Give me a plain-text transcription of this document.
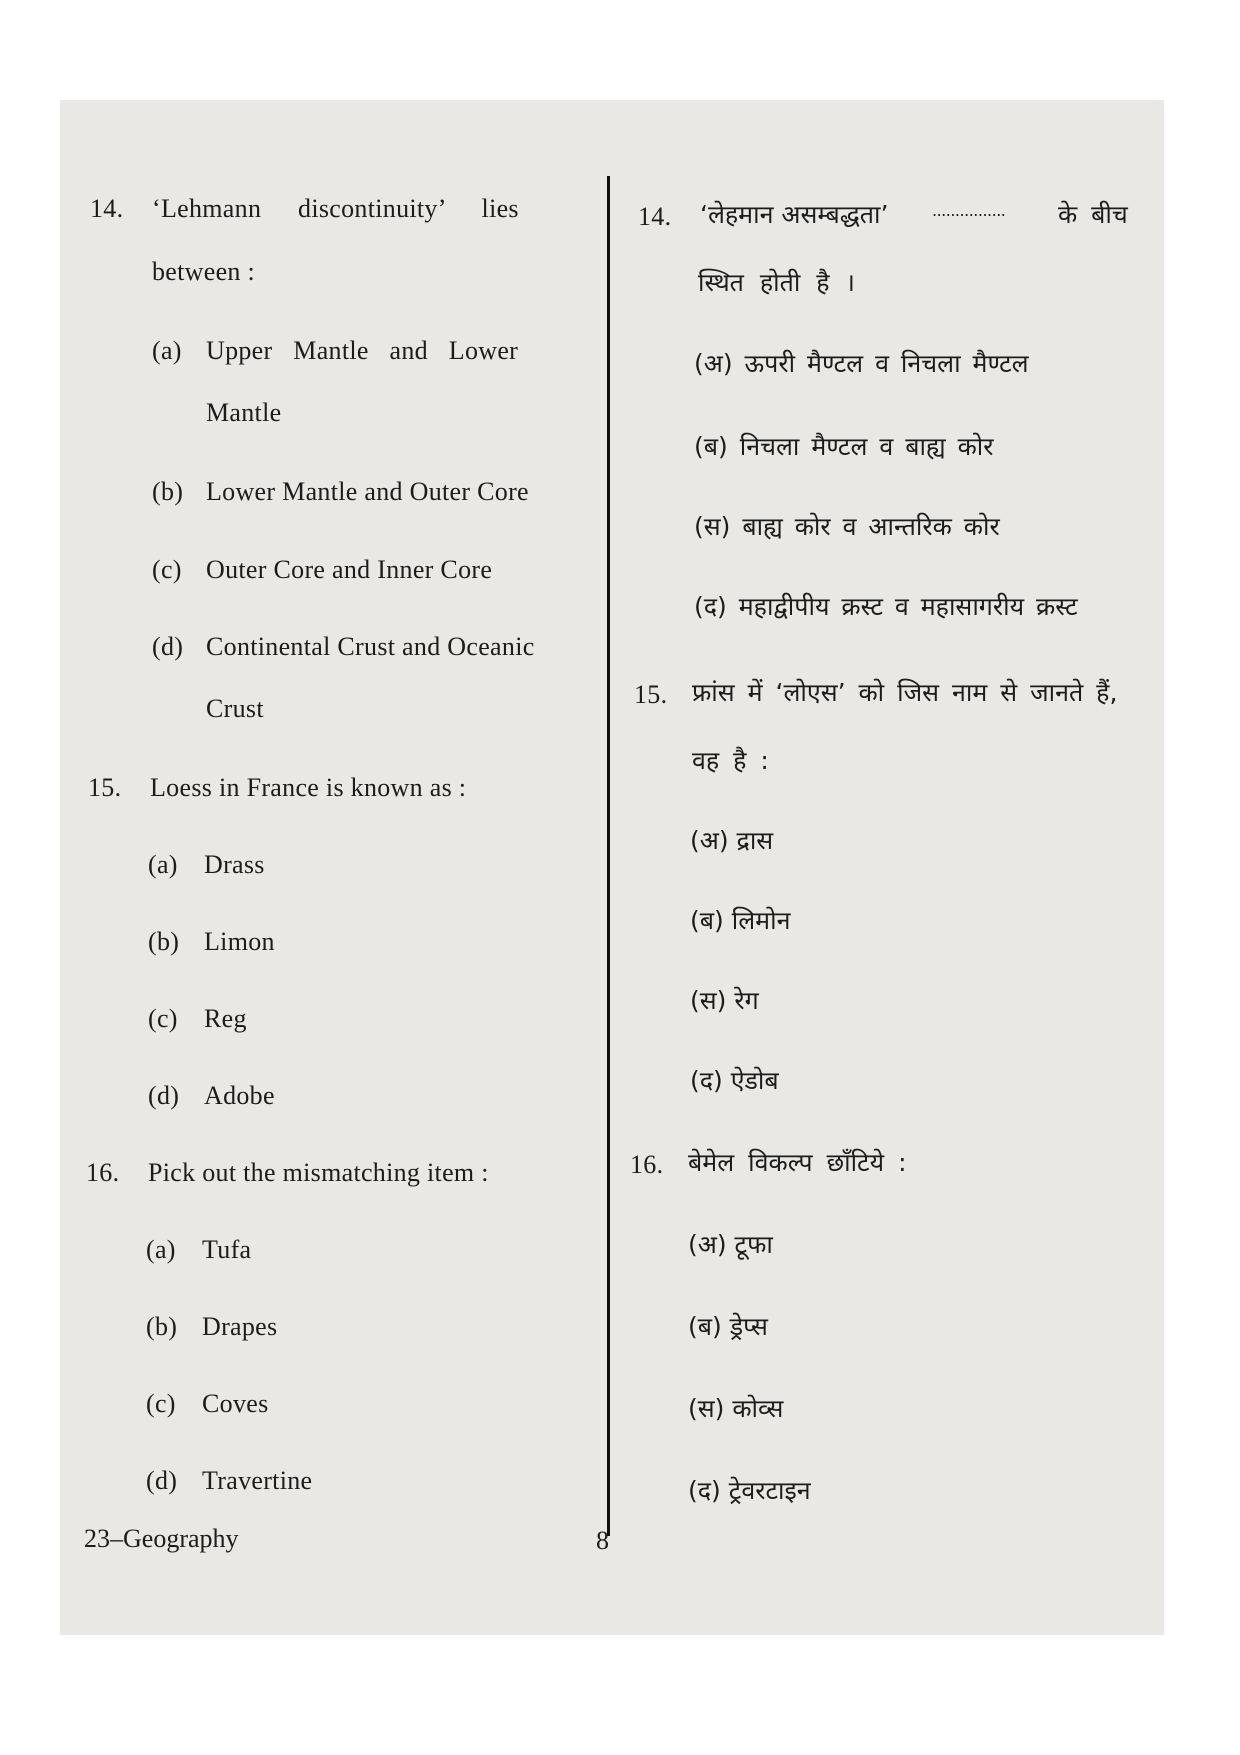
14. ‘Lehmann discontinuity’ lies
between :
(a) Upper Mantle and Lower
Mantle
(b) Lower Mantle and Outer Core
(c) Outer Core and Inner Core
(d) Continental Crust and Oceanic
Crust
15. Loess in France is known as :
(a) Drass
(b) Limon
(c) Reg
(d) Adobe
16. Pick out the mismatching item :
(a) Tufa
(b) Drapes
(c) Coves
(d) Travertine
14. ‘लेहमान असम्बद्धता’	................ के बीच
स्थित होती है ।
(अ) ऊपरी मैण्टल व निचला मैण्टल
(ब) निचला मैण्टल व बाह्य कोर
(स) बाह्य कोर व आन्तरिक कोर
(द) महाद्वीपीय क्रस्ट व महासागरीय क्रस्ट
15. फ्रांस में ‘लोएस’ को जिस नाम से जानते हैं,
वह है :
(अ) द्रास
(ब) लिमोन
(स) रेग
(द) ऐडोब
16. बेमेल विकल्प छाँटिये :
(अ) टूफा
(ब) ड्रेप्स
(स) कोव्स
(द) ट्रेवरटाइन
23–Geography	8
